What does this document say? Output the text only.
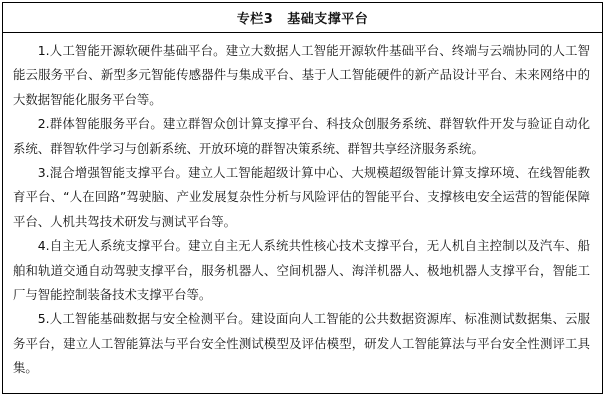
专栏3 基础支撑平台

1.人工智能开源软硬件基础平台。建立大数据人工智能开源软件基础平台、终端与云端协同的人工智能云服务平台、新型多元智能传感器件与集成平台、基于人工智能硬件的新产品设计平台、未来网络中的大数据智能化服务平台等。

2.群体智能服务平台。建立群智众创计算支撑平台、科技众创服务系统、群智软件开发与验证自动化系统、群智软件学习与创新系统、开放环境的群智决策系统、群智共享经济服务系统。

3.混合增强智能支撑平台。建立人工智能超级计算中心、大规模超级智能计算支撑环境、在线智能教育平台、“人在回路”驾驶脑、产业发展复杂性分析与风险评估的智能平台、支撑核电安全运营的智能保障平台、人机共驾技术研发与测试平台等。

4.自主无人系统支撑平台。建立自主无人系统共性核心技术支撑平台，无人机自主控制以及汽车、船舶和轨道交通自动驾驶支撑平台，服务机器人、空间机器人、海洋机器人、极地机器人支撑平台，智能工厂与智能控制装备技术支撑平台等。

5.人工智能基础数据与安全检测平台。建设面向人工智能的公共数据资源库、标准测试数据集、云服务平台，建立人工智能算法与平台安全性测试模型及评估模型，研发人工智能算法与平台安全性测评工具集。
